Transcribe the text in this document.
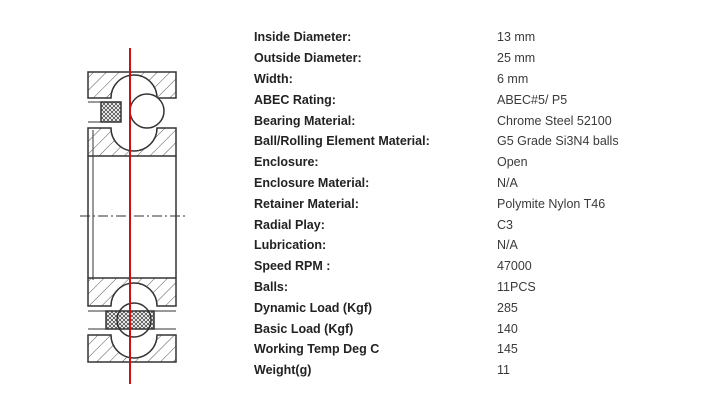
Inside Diameter:	13 mm
Outside Diameter:	25 mm
Width:	6 mm
ABEC Rating:	ABEC#5/ P5
Bearing Material:	Chrome Steel 52100
Ball/Rolling Element Material:	G5 Grade Si3N4 balls
Enclosure:	Open
Enclosure Material:	N/A
Retainer Material:	Polymite Nylon T46
Radial Play:	C3
Lubrication:	N/A
Speed RPM :	47000
Balls:	11PCS
Dynamic Load (Kgf)	285
Basic Load (Kgf)	140
Working Temp Deg C	145
Weight(g)	11
